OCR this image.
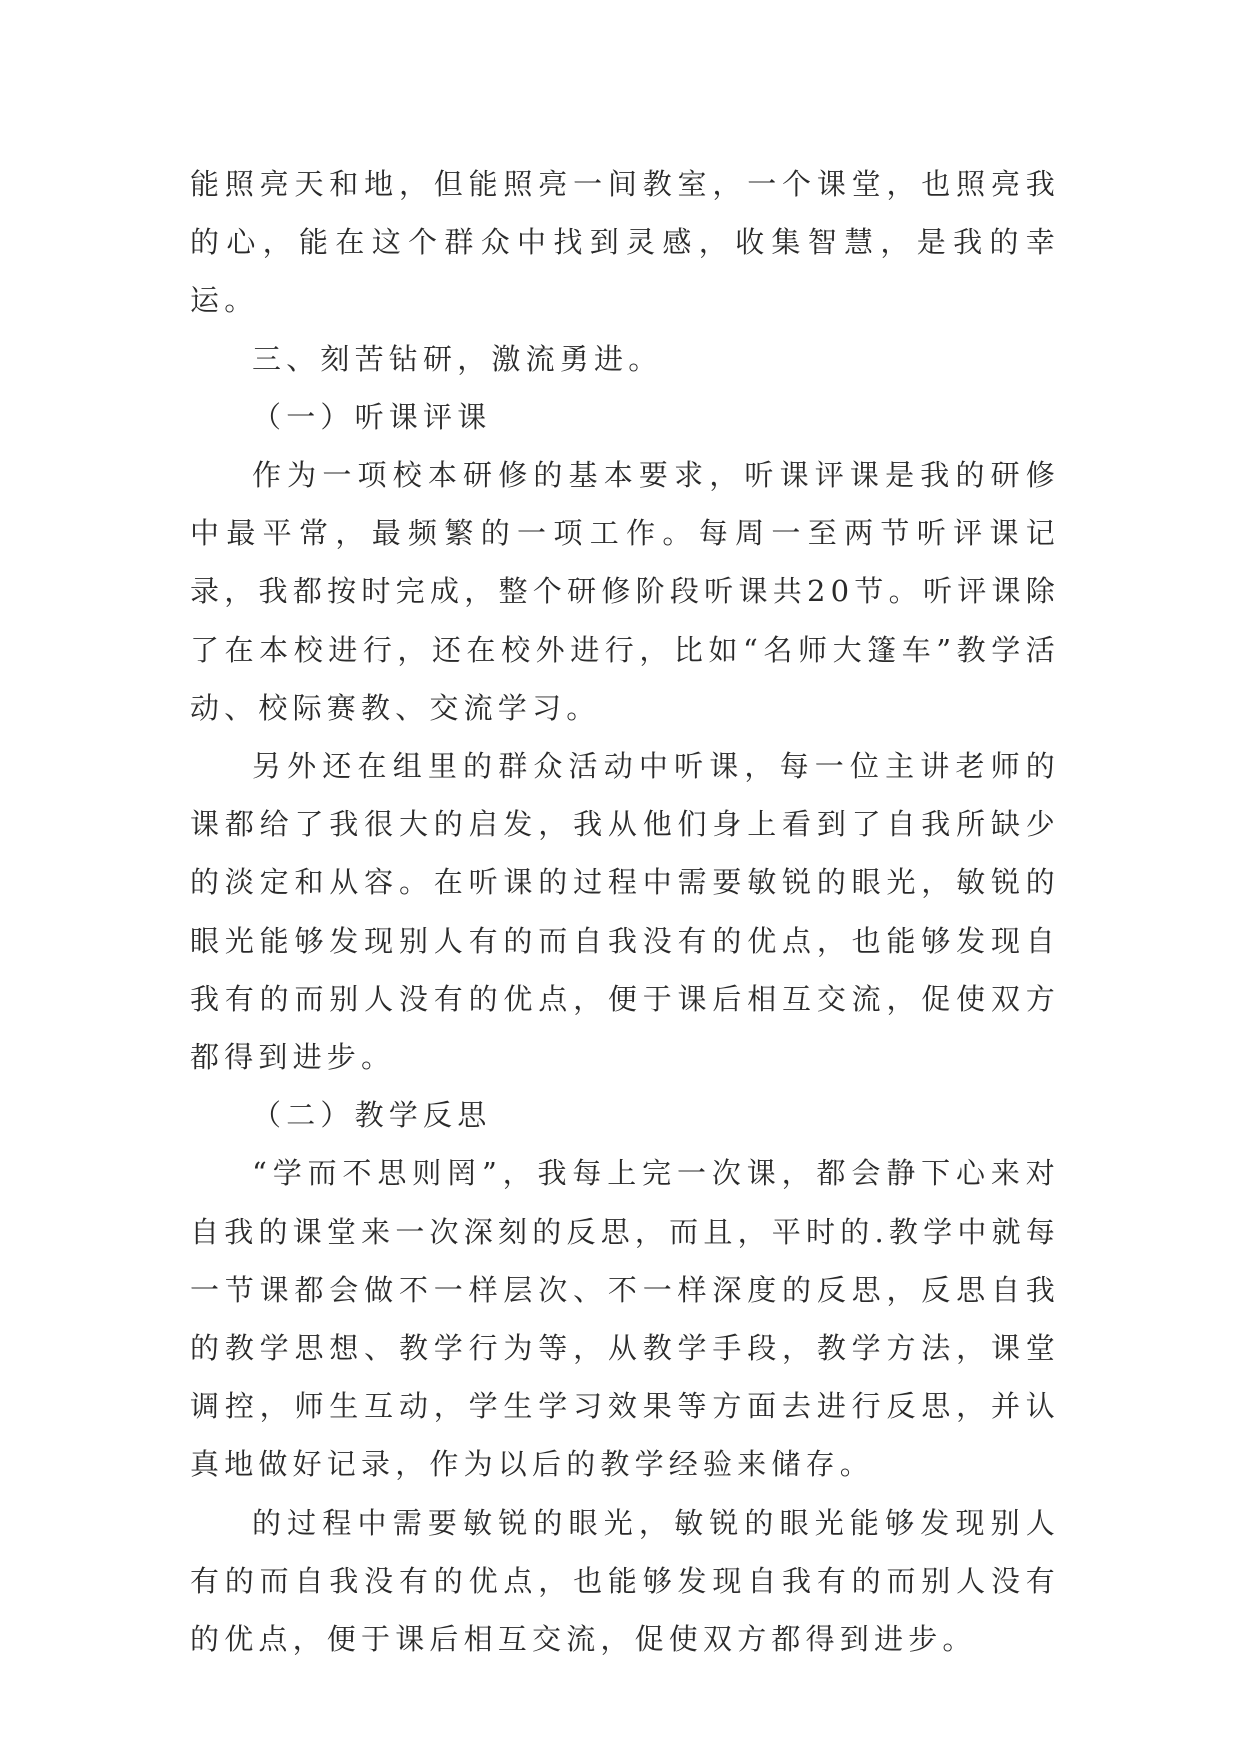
能照亮天和地，但能照亮一间教室，一个课堂，也照亮我的心，能在这个群众中找到灵感，收集智慧，是我的幸运。

三、刻苦钻研，激流勇进。

（一）听课评课

作为一项校本研修的基本要求，听课评课是我的研修中最平常，最频繁的一项工作。每周一至两节听评课记录，我都按时完成，整个研修阶段听课共20节。听评课除了在本校进行，还在校外进行，比如“名师大篷车”教学活动、校际赛教、交流学习。

另外还在组里的群众活动中听课，每一位主讲老师的课都给了我很大的启发，我从他们身上看到了自我所缺少的淡定和从容。在听课的过程中需要敏锐的眼光，敏锐的眼光能够发现别人有的而自我没有的优点，也能够发现自我有的而别人没有的优点，便于课后相互交流，促使双方都得到进步。

（二）教学反思

“学而不思则罔”，我每上完一次课，都会静下心来对自我的课堂来一次深刻的反思，而且，平时的.教学中就每一节课都会做不一样层次、不一样深度的反思，反思自我的教学思想、教学行为等，从教学手段，教学方法，课堂调控，师生互动，学生学习效果等方面去进行反思，并认真地做好记录，作为以后的教学经验来储存。

的过程中需要敏锐的眼光，敏锐的眼光能够发现别人有的而自我没有的优点，也能够发现自我有的而别人没有的优点，便于课后相互交流，促使双方都得到进步。
